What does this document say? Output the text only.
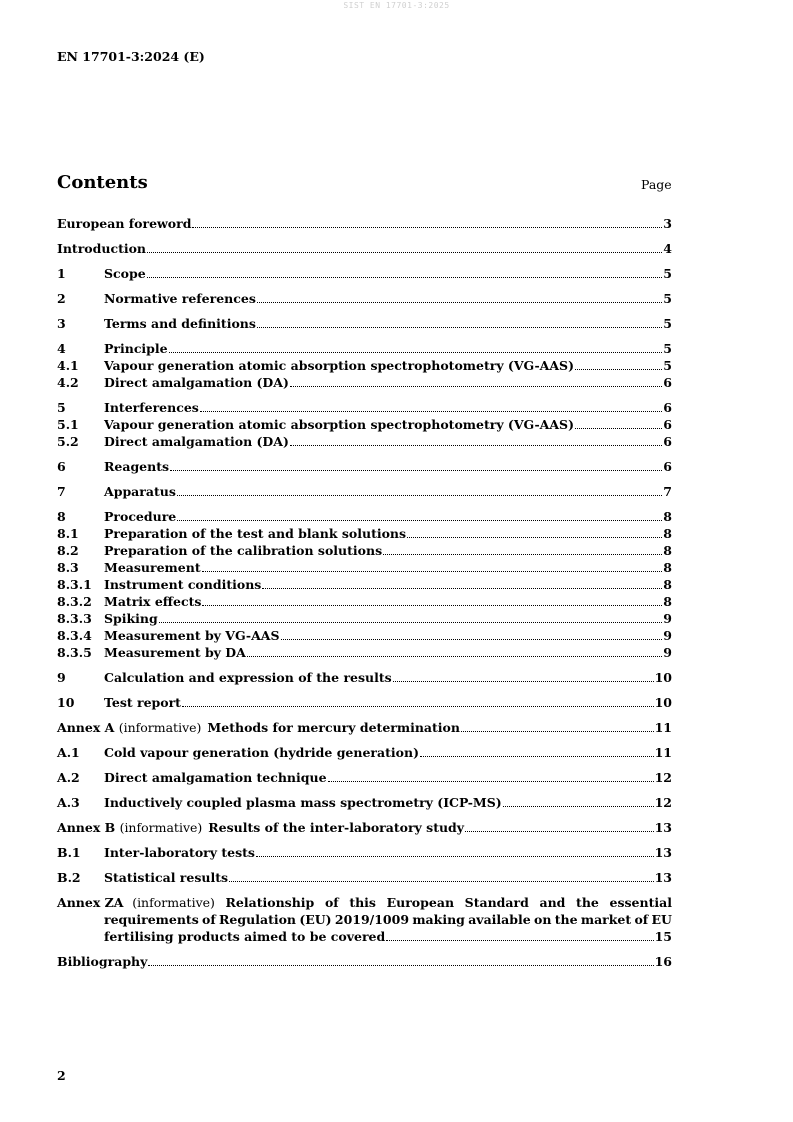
SIST EN 17701-3:2025
EN 17701-3:2024 (E)
Contents	Page
European foreword	3
Introduction	4
1	Scope	5
2	Normative references	5
3	Terms and definitions	5
4	Principle	5
4.1	Vapour generation atomic absorption spectrophotometry (VG-AAS)	5
4.2	Direct amalgamation (DA)	6
5	Interferences	6
5.1	Vapour generation atomic absorption spectrophotometry (VG-AAS)	6
5.2	Direct amalgamation (DA)	6
6	Reagents	6
7	Apparatus	7
8	Procedure	8
8.1	Preparation of the test and blank solutions	8
8.2	Preparation of the calibration solutions	8
8.3	Measurement	8
8.3.1 Instrument conditions	8
8.3.2 Matrix effects	8
8.3.3 Spiking	9
8.3.4 Measurement by VG-AAS	9
8.3.5 Measurement by DA	9
9	Calculation and expression of the results	10
10	Test report	10
Annex A (informative) Methods for mercury determination	11
A.1	Cold vapour generation (hydride generation)	11
A.2	Direct amalgamation technique	12
A.3	Inductively coupled plasma mass spectrometry (ICP-MS)	12
Annex B (informative) Results of the inter-laboratory study	13
B.1	Inter-laboratory tests	13
B.2	Statistical results	13
Annex ZA (informative) Relationship of this European Standard and the essential
requirements of Regulation (EU) 2019/1009 making available on the market of EU
fertilising products aimed to be covered	15
Bibliography	16
2
